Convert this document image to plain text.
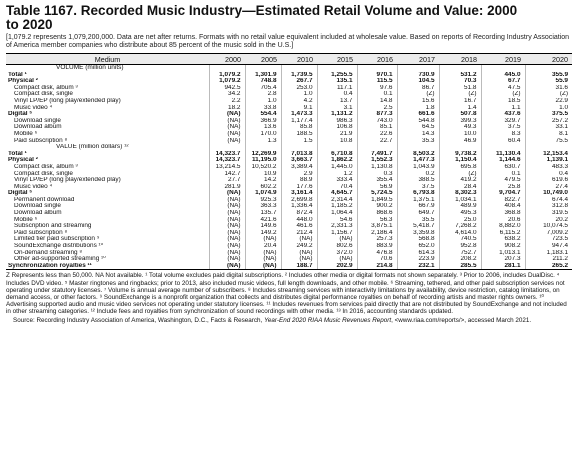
Table 1167. Recorded Music Industry—Estimated Retail Volume and Value: 2000
to 2020
[1,079.2 represents 1,079,200,000. Data are net after returns. Formats with no retail value equivalent included at wholesale value. Based on reports of Recording Industry Association of America member companies who distribute about 85 percent of the music sold in the U.S.]
Medium	2000	2005	2010	2015	2016	2017	2018	2019	2020
VOLUME (million units)									
Total ¹	1,079.2	1,301.9	1,739.5	1,255.5	970.1	730.9	531.2	445.0	355.9
Physical ²	1,079.2	748.8	267.7	135.1	115.5	104.5	70.3	67.7	55.9
Compact disk, album ³	942.5	705.4	253.0	117.1	97.6	86.7	51.8	47.5	31.6
Compact disk, single	34.2	2.8	1.0	0.4	0.1	(Z)	(Z)	(Z)	(Z)
Vinyl LP/EP (long play/extended play)	2.2	1.0	4.2	13.7	14.8	15.6	16.7	18.5	22.9
Music video ⁴	18.2	33.8	9.1	3.1	2.5	1.8	1.4	1.1	1.0
Digital ⁵	(NA)	554.4	1,473.3	1,131.2	877.3	661.6	507.8	437.6	375.5
Download single	(NA)	366.9	1,177.4	986.3	743.0	544.8	399.3	329.7	257.2
Download album	(NA)	13.6	85.8	106.8	85.1	64.5	49.3	37.5	33.1
Mobile ⁶	(NA)	170.0	188.5	21.9	22.6	14.3	10.0	8.3	8.1
Paid subscription ⁸	(NA)	1.3	1.5	10.8	22.7	35.3	46.9	60.4	75.5
VALUE (million dollars) ¹²									
Total ¹	14,323.7	12,269.9	7,013.8	6,710.8	7,491.7	8,503.2	9,738.2	11,130.4	12,153.4
Physical ²	14,323.7	11,195.0	3,663.7	1,862.2	1,552.3	1,477.3	1,150.4	1,144.6	1,139.1
Compact disk, album ³	13,214.5	10,520.2	3,389.4	1,445.0	1,130.8	1,043.9	695.8	630.7	483.3
Compact disk, single	142.7	10.9	2.9	1.2	0.3	0.2	(Z)	0.1	0.4
Vinyl LP/EP (long play/extended play)	27.7	14.2	88.9	333.4	355.4	388.5	419.2	479.5	619.6
Music video ⁴	281.9	602.2	177.6	70.4	56.9	37.5	28.4	25.8	27.4
Digital ⁵	(NA)	1,074.9	3,161.4	4,645.7	5,724.5	6,793.8	8,302.3	9,704.7	10,749.0
Permanent download	(NA)	925.3	2,699.8	2,314.4	1,849.5	1,375.1	1,034.1	822.7	674.4
Download single	(NA)	363.3	1,336.4	1,185.2	900.2	667.9	489.9	408.4	312.8
Download album	(NA)	135.7	872.4	1,064.4	868.6	649.7	495.3	368.8	319.5
Mobile ⁶	(NA)	421.6	448.0	54.6	56.3	35.5	25.0	20.6	20.2
Subscription and streaming	(NA)	149.6	461.6	2,331.3	3,875.1	5,418.7	7,268.2	8,882.0	10,074.5
Paid subscription ⁸	(NA)	149.2	212.4	1,156.7	2,186.4	3,359.8	4,614.0	6,115.2	7,009.2
Limited tier paid subscription ⁹	(NA)	(NA)	(NA)	(NA)	257.3	568.8	740.5	638.2	723.5
SoundExchange distributions ¹⁰	(NA)	20.4	249.2	802.6	883.9	652.0	952.8	908.2	947.4
On-demand streaming ⁸	(NA)	(NA)	(NA)	372.0	476.8	614.3	752.7	1,013.1	1,183.1
Other ad-supported streaming ¹⁰	(NA)	(NA)	(NA)	(NA)	70.6	223.9	208.2	207.3	211.2
Synchronization royalties ¹¹	(NA)	(NA)	188.7	202.9	214.8	232.1	285.5	281.1	265.2
Z Represents less than 50,000. NA Not available. ¹ Total volume excludes paid digital subscriptions. ² Includes other media or digital formats not shown separately. ³ Prior to 2006, includes DualDisc. ⁴ Includes DVD video. ⁵ Master ringtones and ringbacks; prior to 2013, also included music videos, full length downloads, and other mobile. ⁶ Streaming, tethered, and other paid subscription services not operating under statutory licenses. ⁷ Volume is annual average number of subscribers. ⁸ Includes streaming services with interactivity limitations by availability, device restriction, catalog limitations, on demand access, or other factors. ⁹ SoundExchange is a nonprofit organization that collects and distributes digital performance royalties on behalf of recording artists and master rights owners. ¹⁰ Advertising supported audio and music video services not operating under statutory licenses. ¹¹ Includes revenues from services paid directly that are not distributed by SoundExchange and not included in other streaming categories. ¹² Include fees and royalties from synchronization of sound recordings with other media. ¹³ In 2016, accounting standards updated.
Source: Recording Industry Association of America, Washington, D.C., Facts & Research, Year-End 2020 RIAA Music Revenues Report, <www.riaa.com/reports/>, accessed March 2021.
